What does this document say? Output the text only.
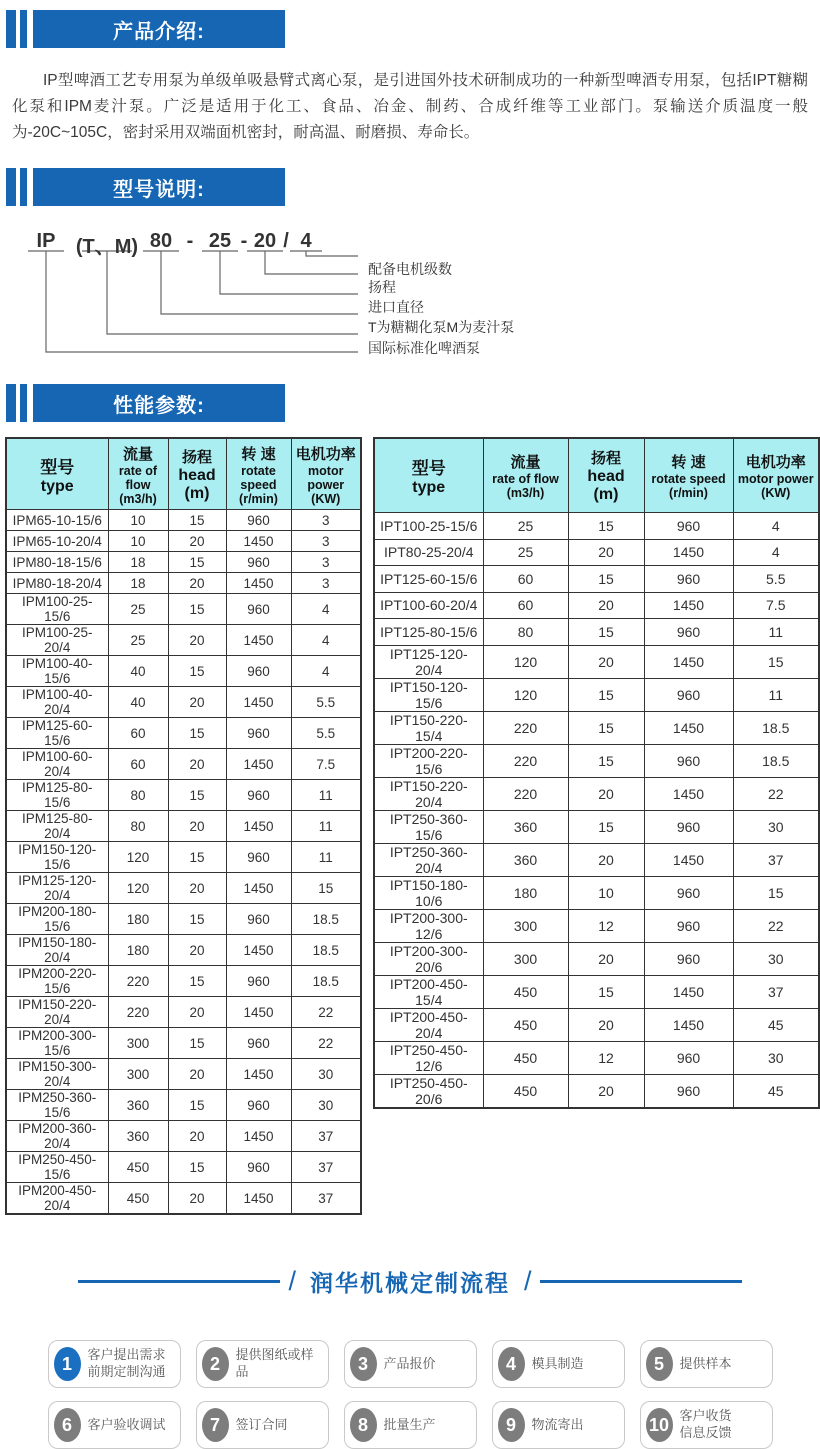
产品介绍:

IP型啤酒工艺专用泵为单级单吸悬臂式离心泵，是引进国外技术研制成功的一种新型啤酒专用泵，包括IPT糖糊化泵和IPM麦汁泵。广泛是适用于化工、食品、冶金、制药、合成纤维等工业部门。泵输送介质温度一般为-20C~105C，密封采用双端面机密封，耐高温、耐磨损、寿命长。

型号说明:
IP (T、M) 80 - 25 - 20 / 4
配备电机级数
扬程
进口直径
T为糖糊化泵M为麦汁泵
国际标准化啤酒泵
性能参数:
型号
type

流量
rate of flow
(m3/h)

扬程
head
(m)

转 速
rotate speed
(r/min)

电机功率
motor power
(KW)

IPM65-10-15/6	10	15	960	3
IPM65-10-20/4	10	20	1450	3
IPM80-18-15/6	18	15	960	3
IPM80-18-20/4	18	20	1450	3
IPM100-25-15/6	25	15	960	4
IPM100-25-20/4	25	20	1450	4
IPM100-40-15/6	40	15	960	4
IPM100-40-20/4	40	20	1450	5.5
IPM125-60-15/6	60	15	960	5.5
IPM100-60-20/4	60	20	1450	7.5
IPM125-80-15/6	80	15	960	11
IPM125-80-20/4	80	20	1450	11
IPM150-120-15/6	120	15	960	11
IPM125-120-20/4	120	20	1450	15
IPM200-180-15/6	180	15	960	18.5
IPM150-180-20/4	180	20	1450	18.5
IPM200-220-15/6	220	15	960	18.5
IPM150-220-20/4	220	20	1450	22
IPM200-300-15/6	300	15	960	22
IPM150-300-20/4	300	20	1450	30
IPM250-360-15/6	360	15	960	30
IPM200-360-20/4	360	20	1450	37
IPM250-450-15/6	450	15	960	37
IPM200-450-20/4	450	20	1450	37
型号
type

流量
rate of flow
(m3/h)

扬程
head
(m)

转 速
rotate speed
(r/min)

电机功率
motor power
(KW)

IPT100-25-15/6	25	15	960	4
IPT80-25-20/4	25	20	1450	4
IPT125-60-15/6	60	15	960	5.5
IPT100-60-20/4	60	20	1450	7.5
IPT125-80-15/6	80	15	960	11
IPT125-120-20/4	120	20	1450	15
IPT150-120-15/6	120	15	960	11
IPT150-220-15/4	220	15	1450	18.5
IPT200-220-15/6	220	15	960	18.5
IPT150-220-20/4	220	20	1450	22
IPT250-360-15/6	360	15	960	30
IPT250-360-20/4	360	20	1450	37
IPT150-180-10/6	180	10	960	15
IPT200-300-12/6	300	12	960	22
IPT200-300-20/6	300	20	960	30
IPT200-450-15/4	450	15	1450	37
IPT200-450-20/4	450	20	1450	45
IPT250-450-12/6	450	12	960	30
IPT250-450-20/6	450	20	960	45
/ 润华机械定制流程 /
1	客户提出需求
前期定制沟通	2	提供图纸或样品	3	产品报价	4	模具制造	5	提供样本
6	客户验收调试	7	签订合同	8	批量生产	9	物流寄出	10 客户收货
信息反馈
